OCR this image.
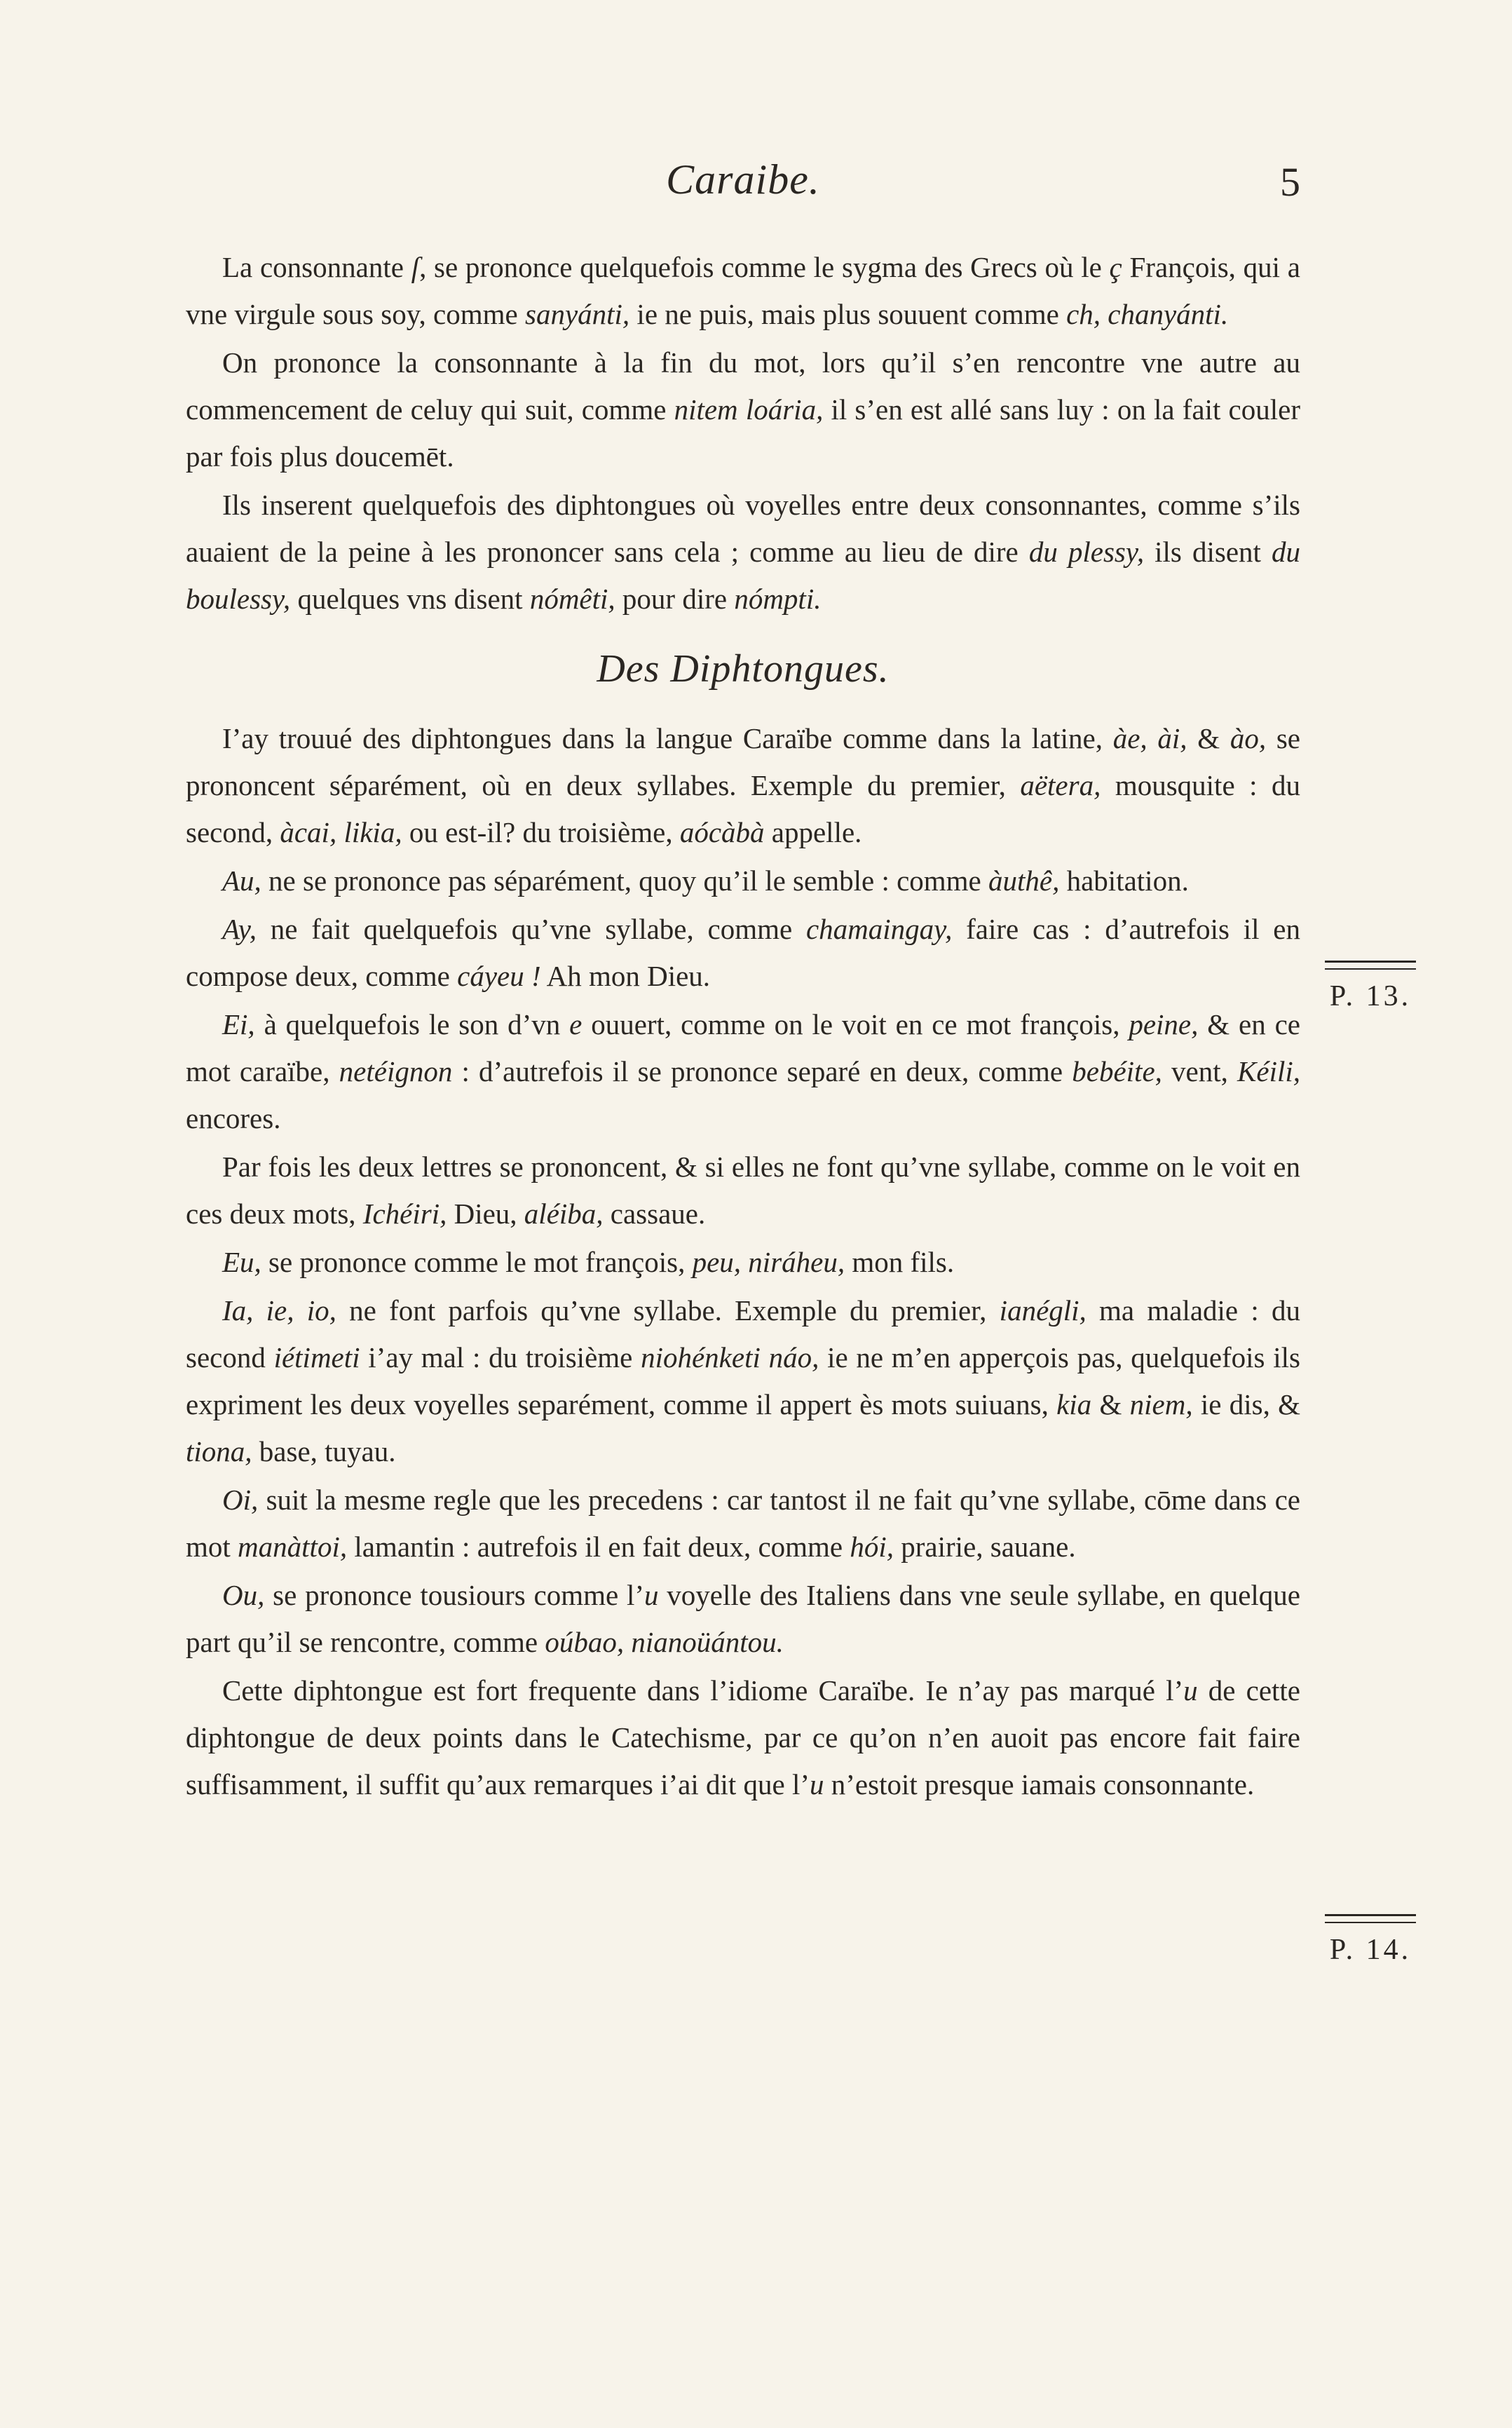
Caraibe.	5

La consonnante ſ, se prononce quelquefois comme le sygma des Grecs où le ç François, qui a vne virgule sous soy, comme sanyánti, ie ne puis, mais plus souuent comme ch, chanyánti.

On prononce la consonnante à la fin du mot, lors qu’il s’en rencontre vne autre au commencement de celuy qui suit, comme nitem loária, il s’en est allé sans luy : on la fait couler par fois plus doucemēt.

Ils inserent quelquefois des diphtongues où voyelles entre deux consonnantes, comme s’ils auaient de la peine à les prononcer sans cela ; comme au lieu de dire du plessy, ils disent du boulessy, quelques vns disent nómêti, pour dire nómpti.

Des Diphtongues.

I’ay trouué des diphtongues dans la langue Caraïbe comme dans la latine, àe, ài, & ào, se prononcent séparément, où en deux syllabes. Exemple du premier, aëtera, mousquite : du second, àcai, likia, ou est-il? du troisième, aócàbà appelle.

Au, ne se prononce pas séparément, quoy qu’il le semble : comme àuthê, habitation.

Ay, ne fait quelquefois qu’vne syllabe, comme chamaingay, faire cas : d’autrefois il en compose deux, comme cáyeu ! Ah mon Dieu.

Ei, à quelquefois le son d’vn e ouuert, comme on le voit en ce mot françois, peine, & en ce mot caraïbe, netéignon : d’autrefois il se prononce separé en deux, comme bebéite, vent, Kéili, encores.

Par fois les deux lettres se prononcent, & si elles ne font qu’vne syllabe, comme on le voit en ces deux mots, Ichéiri, Dieu, aléiba, cassaue.

Eu, se prononce comme le mot françois, peu, niráheu, mon fils.

Ia, ie, io, ne font parfois qu’vne syllabe. Exemple du premier, ianégli, ma maladie : du second iétimeti i’ay mal : du troisième niohénketi náo, ie ne m’en apperçois pas, quelquefois ils expriment les deux voyelles separément, comme il appert ès mots suiuans, kia & niem, ie dis, & tiona, base, tuyau.

Oi, suit la mesme regle que les precedens : car tantost il ne fait qu’vne syllabe, cōme dans ce mot manàttoi, lamantin : autrefois il en fait deux, comme hói, prairie, sauane.

Ou, se prononce tousiours comme l’u voyelle des Italiens dans vne seule syllabe, en quelque part qu’il se rencontre, comme oúbao, nianoüántou.

Cette diphtongue est fort frequente dans l’idiome Caraïbe. Ie n’ay pas marqué l’u de cette diphtongue de deux points dans le Catechisme, par ce qu’on n’en auoit pas encore fait faire suffisamment, il suffit qu’aux remarques i’ai dit que l’u n’estoit presque iamais consonnante.

P. 13.
P. 14.
